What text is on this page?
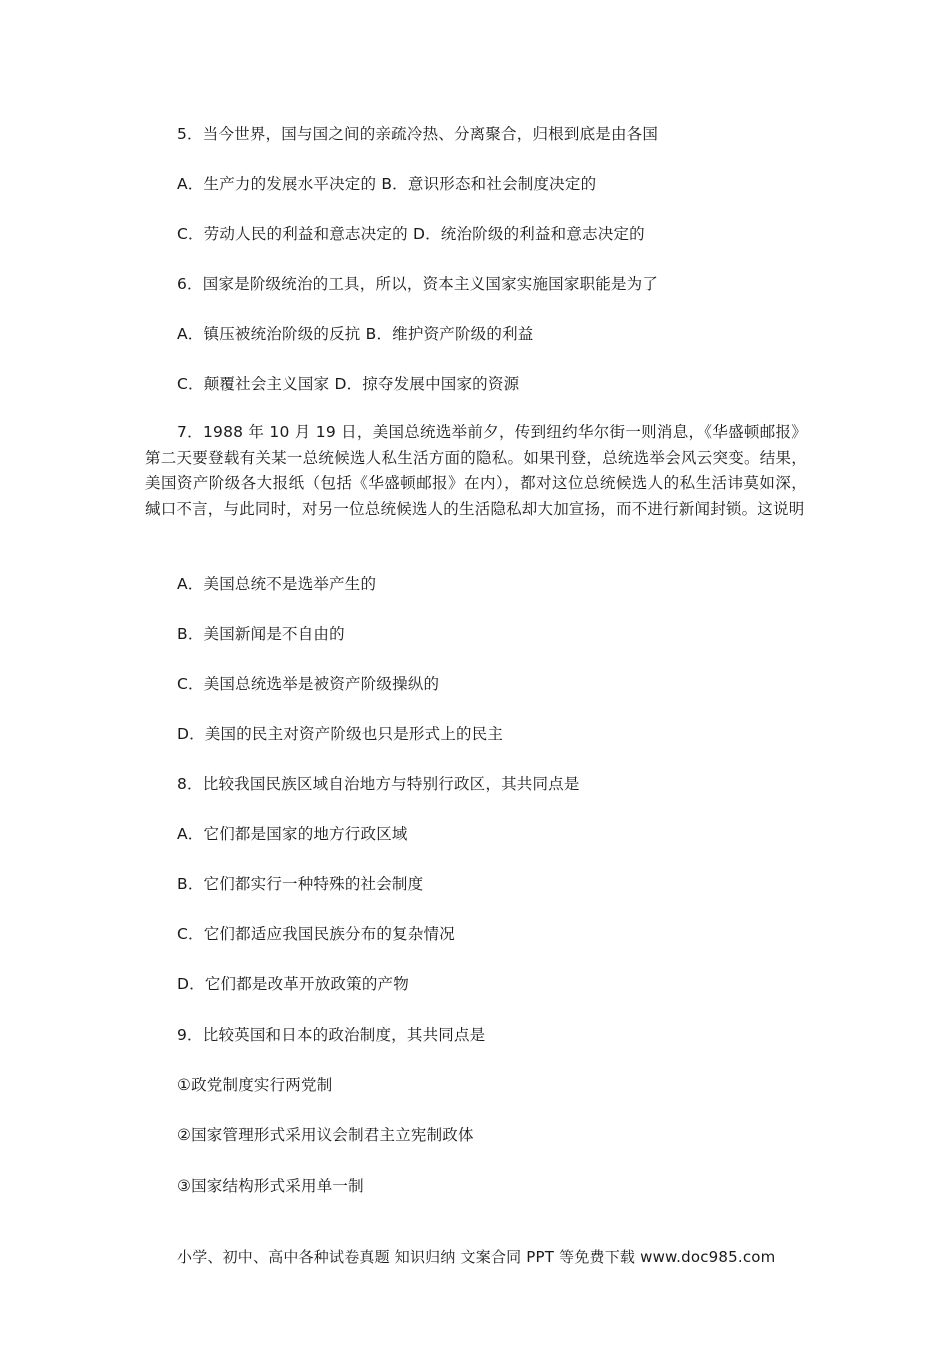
5．当今世界，国与国之间的亲疏冷热、分离聚合，归根到底是由各国
A．生产力的发展水平决定的 B．意识形态和社会制度决定的
C．劳动人民的利益和意志决定的 D．统治阶级的利益和意志决定的
6．国家是阶级统治的工具，所以，资本主义国家实施国家职能是为了
A．镇压被统治阶级的反抗 B．维护资产阶级的利益
C．颠覆社会主义国家 D．掠夺发展中国家的资源
7．1988 年 10 月 19 日，美国总统选举前夕，传到纽约华尔街一则消息，《华盛顿邮报》第二天要登载有关某一总统候选人私生活方面的隐私。如果刊登，总统选举会风云突变。结果，美国资产阶级各大报纸（包括《华盛顿邮报》在内），都对这位总统候选人的私生活讳莫如深，缄口不言，与此同时，对另一位总统候选人的生活隐私却大加宣扬，而不进行新闻封锁。这说明
A．美国总统不是选举产生的
B．美国新闻是不自由的
C．美国总统选举是被资产阶级操纵的
D．美国的民主对资产阶级也只是形式上的民主
8．比较我国民族区域自治地方与特别行政区，其共同点是
A．它们都是国家的地方行政区域
B．它们都实行一种特殊的社会制度
C．它们都适应我国民族分布的复杂情况
D．它们都是改革开放政策的产物
9．比较英国和日本的政治制度，其共同点是
①政党制度实行两党制
②国家管理形式采用议会制君主立宪制政体
③国家结构形式采用单一制
小学、初中、高中各种试卷真题 知识归纳 文案合同 PPT 等免费下载 www.doc985.com
